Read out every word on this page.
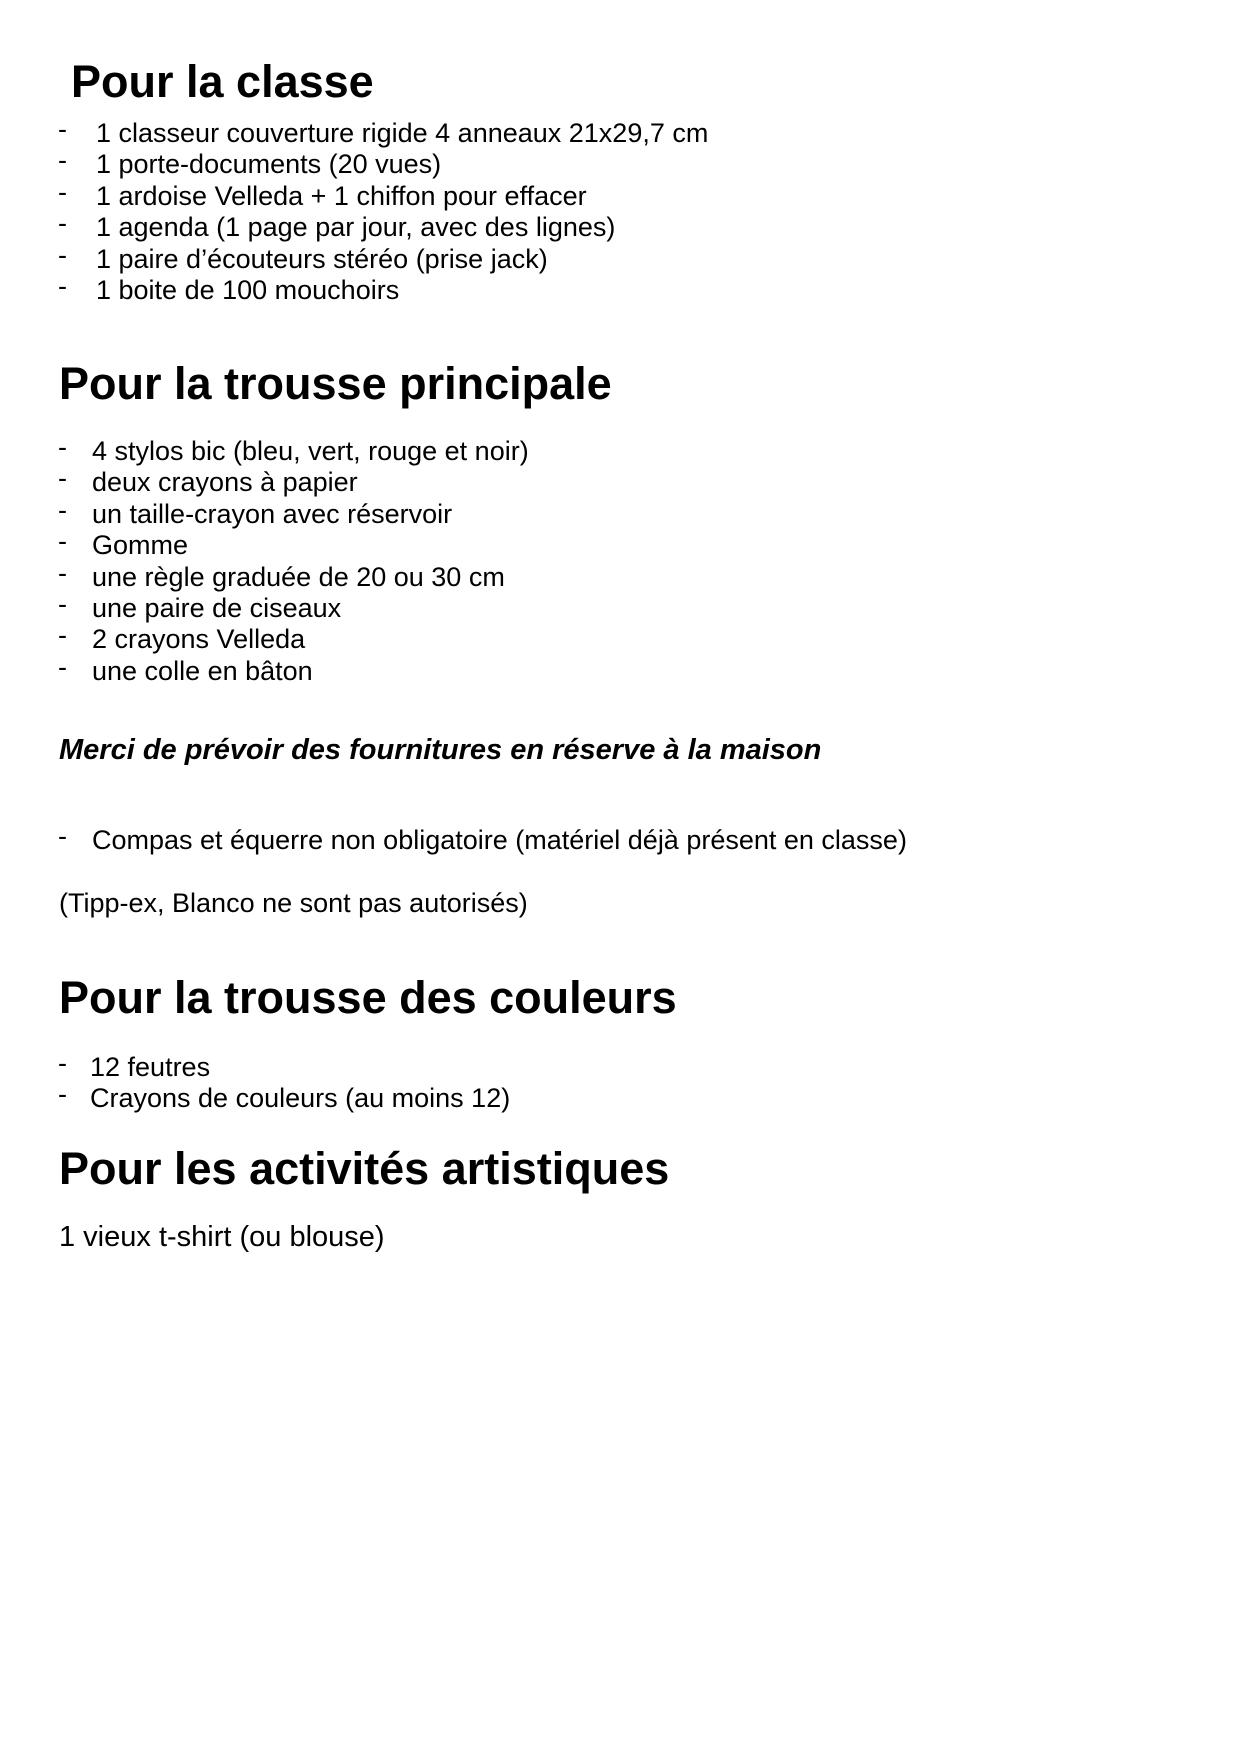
Pour la classe
- 1 classeur couverture rigide 4 anneaux 21x29,7 cm
- 1 porte-documents (20 vues)
- 1 ardoise Velleda + 1 chiffon pour effacer
- 1 agenda (1 page par jour, avec des lignes)
- 1 paire d’écouteurs stéréo (prise jack)
- 1 boite de 100 mouchoirs
Pour la trousse principale
- 4 stylos bic (bleu, vert, rouge et noir)
- deux crayons à papier
- un taille-crayon avec réservoir
- Gomme
- une règle graduée de 20 ou 30 cm
- une paire de ciseaux
- 2 crayons Velleda
- une colle en bâton

Merci de prévoir des fournitures en réserve à la maison

- Compas et équerre non obligatoire (matériel déjà présent en classe)

(Tipp-ex, Blanco ne sont pas autorisés)

Pour la trousse des couleurs
- 12 feutres
- Crayons de couleurs (au moins 12)
Pour les activités artistiques

1 vieux t-shirt (ou blouse)
